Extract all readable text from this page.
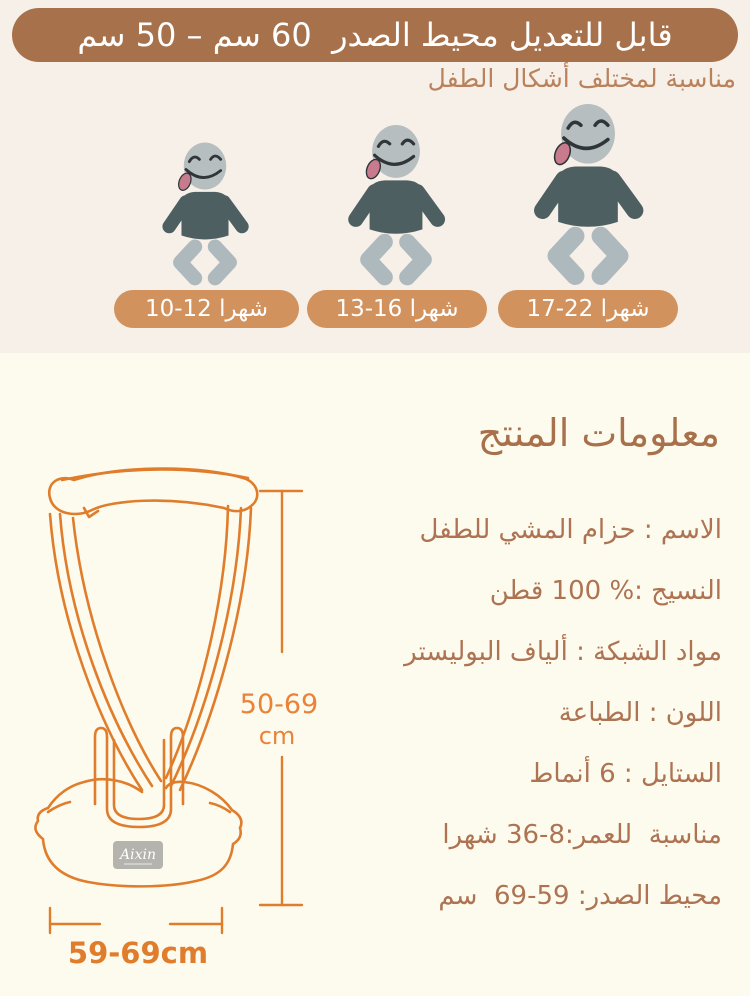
قابل للتعديل محيط الصدر  60 سم – 50 سم
مناسبة لمختلف أشكال الطفل
10-12 شهرا	13-16 شهرا	17-22 شهرا
Aixin
50-69
cm
59-69cm
معلومات المنتج
الاسم : حزام المشي للطفل
النسيج :% 100 قطن
مواد الشبكة : ألياف البوليستر
اللون : الطباعة
الستايل : 6 أنماط
مناسبة  للعمر:8-36 شهرا
محيط الصدر: 59-69  سم
